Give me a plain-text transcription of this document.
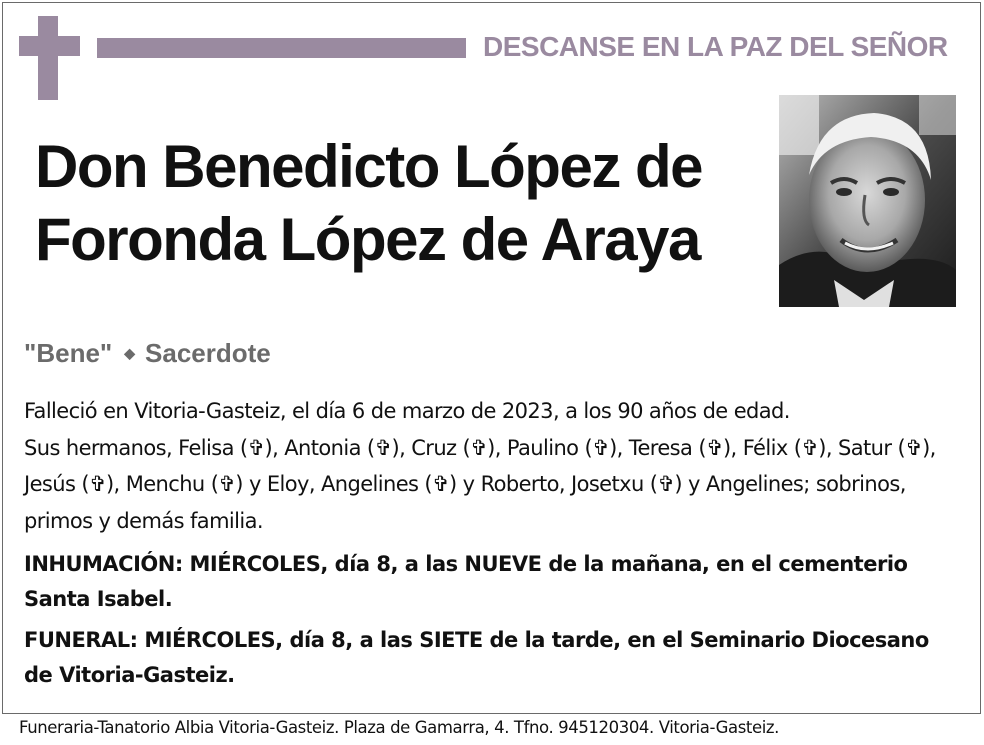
DESCANSE EN LA PAZ DEL SEÑOR
Don Benedicto López de
Foronda López de Araya
"Bene" ◆ Sacerdote

Falleció en Vitoria-Gasteiz, el día 6 de marzo de 2023, a los 90 años de edad.

Sus hermanos, Felisa (✞), Antonia (✞), Cruz (✞), Paulino (✞), Teresa (✞), Félix (✞), Satur (✞), Jesús (✞), Menchu (✞) y Eloy, Angelines (✞) y Roberto, Josetxu (✞) y Angelines; sobrinos, primos y demás familia.

INHUMACIÓN: MIÉRCOLES, día 8, a las NUEVE de la mañana, en el cementerio Santa Isabel.
FUNERAL: MIÉRCOLES, día 8, a las SIETE de la tarde, en el Seminario Diocesano de Vitoria-Gasteiz.
Funeraria-Tanatorio Albia Vitoria-Gasteiz. Plaza de Gamarra, 4. Tfno. 945120304. Vitoria-Gasteiz.
